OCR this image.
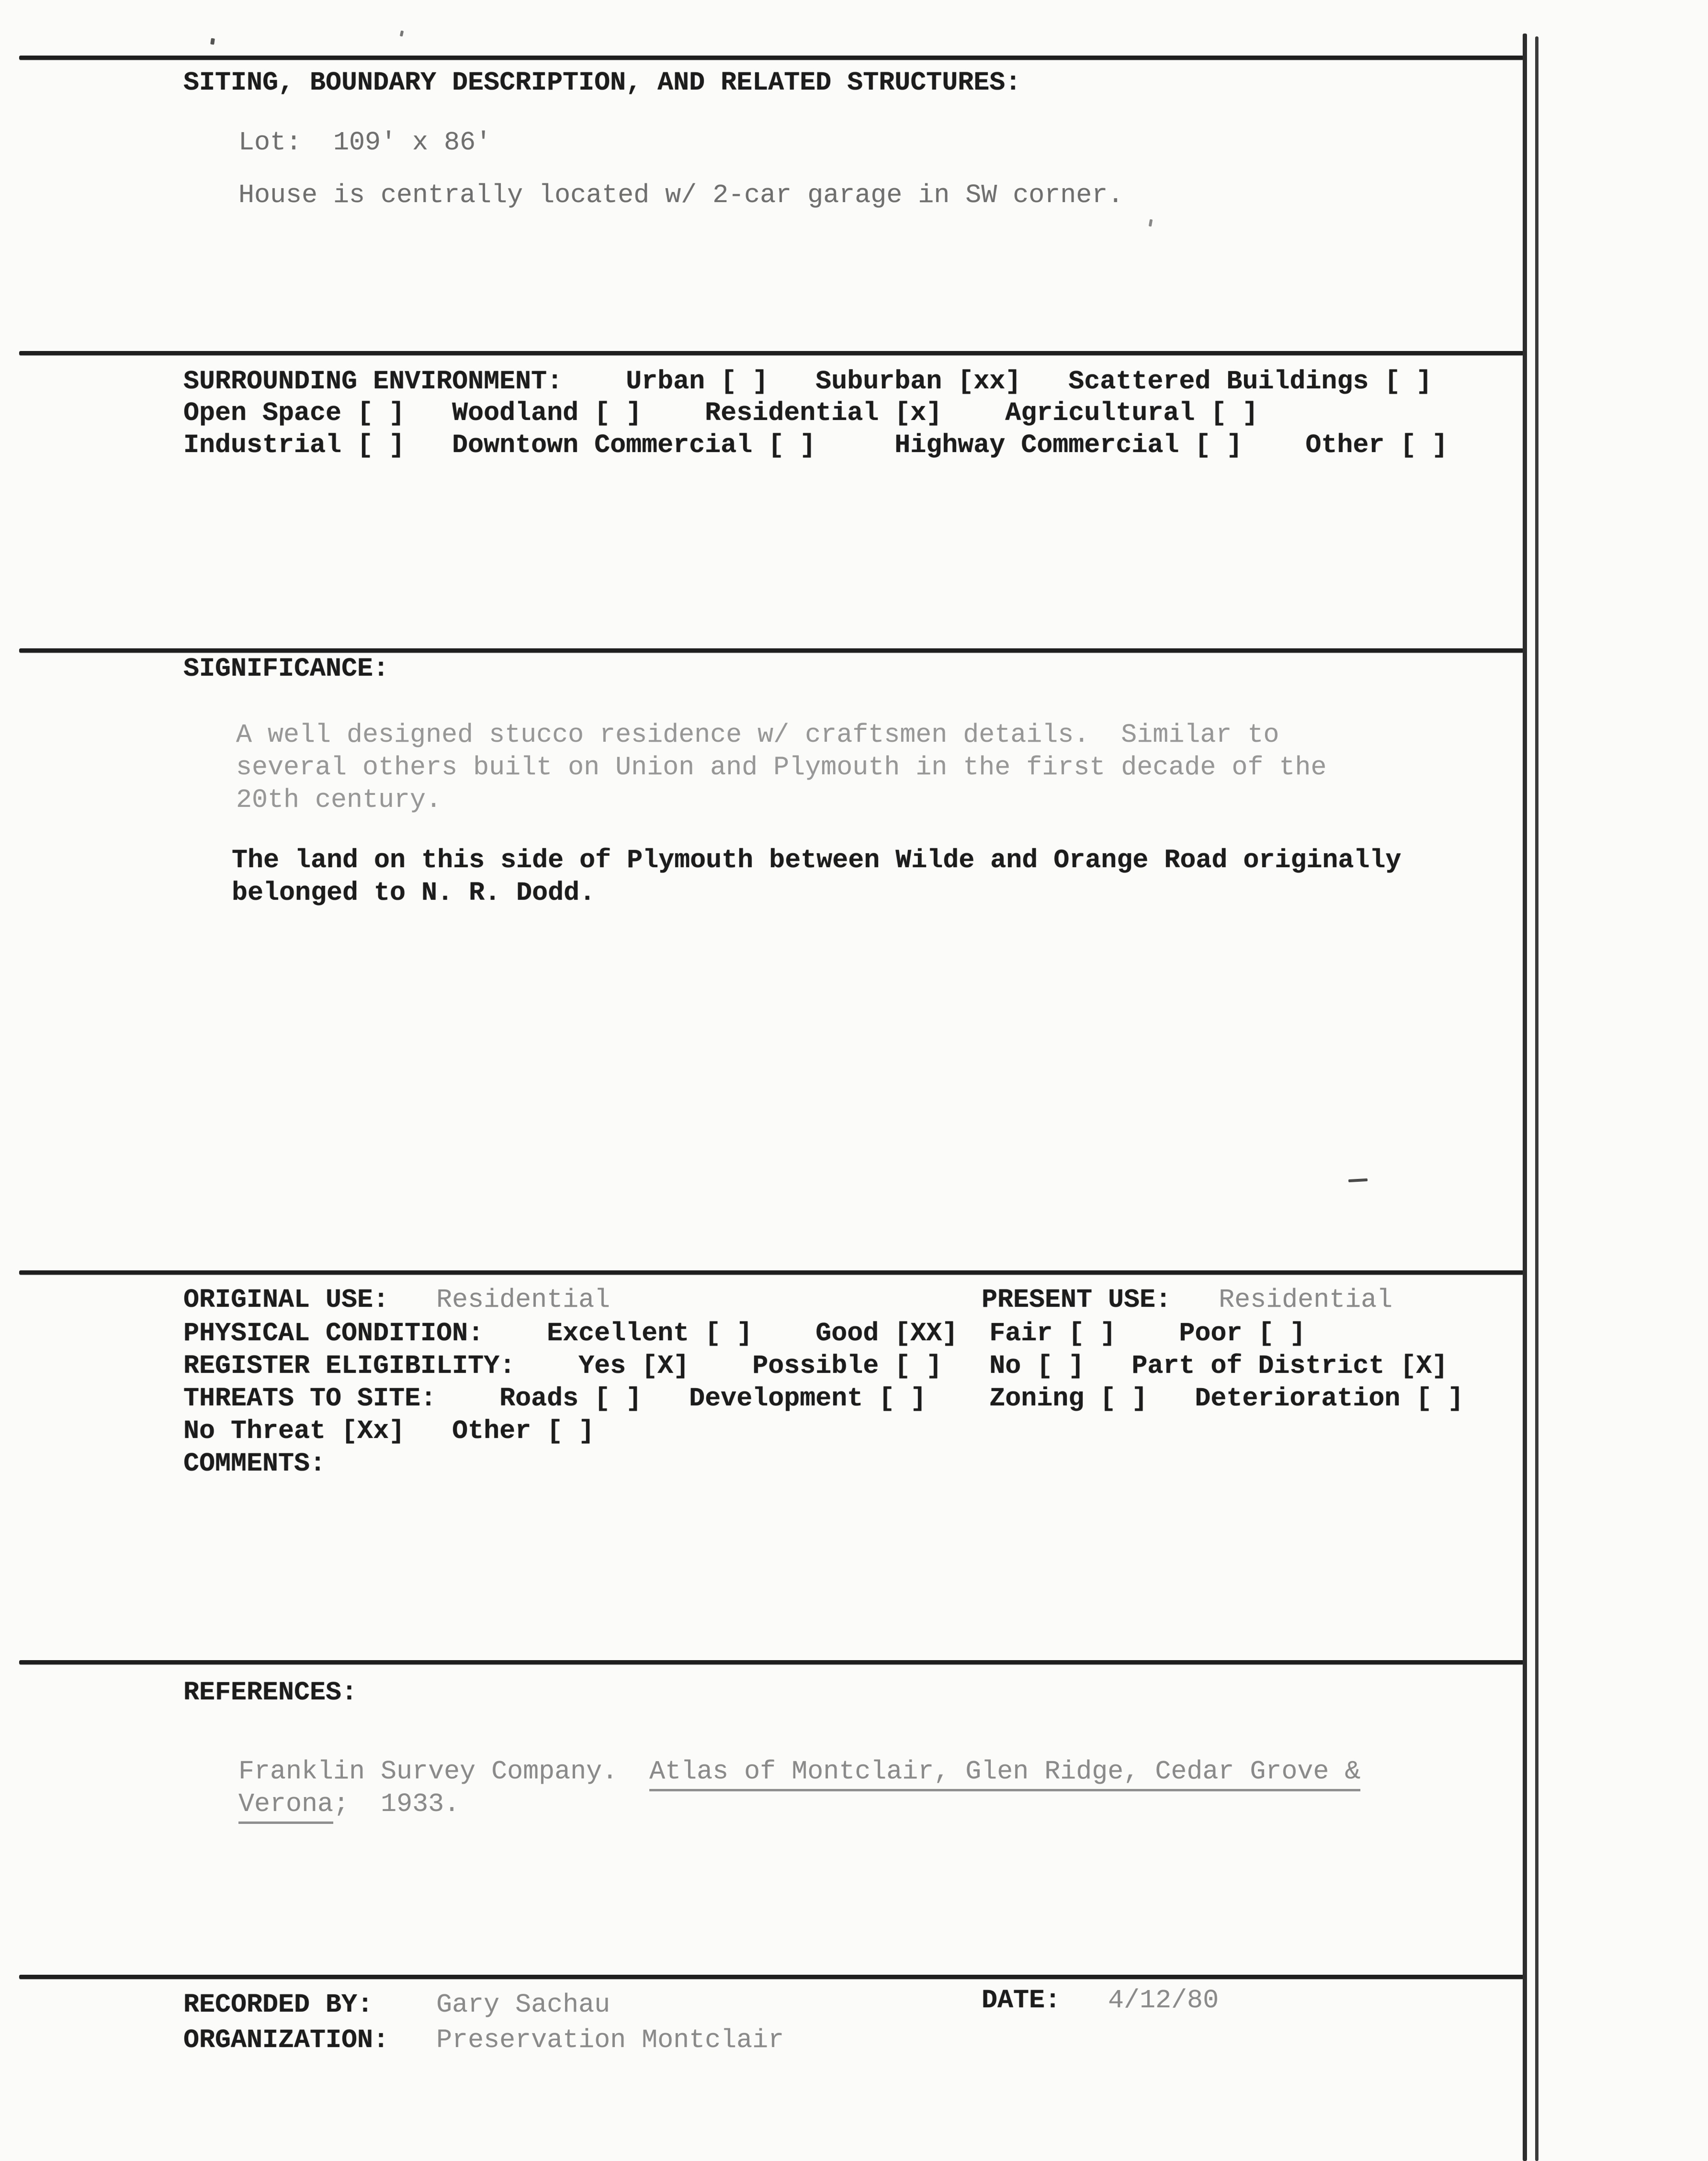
SITING, BOUNDARY DESCRIPTION, AND RELATED STRUCTURES:
Lot:  109' x 86'
House is centrally located w/ 2-car garage in SW corner.
SURROUNDING ENVIRONMENT:    Urban [ ]   Suburban [xx]   Scattered Buildings [ ]
Open Space [ ]   Woodland [ ]    Residential [x]    Agricultural [ ]
Industrial [ ]   Downtown Commercial [ ]     Highway Commercial [ ]    Other [ ]
SIGNIFICANCE:
A well designed stucco residence w/ craftsmen details.  Similar to
several others built on Union and Plymouth in the first decade of the
20th century.
The land on this side of Plymouth between Wilde and Orange Road originally
belonged to N. R. Dodd.
ORIGINAL USE: Residential	PRESENT USE: Residential
PHYSICAL CONDITION:    Excellent [ ]    Good [XX]  Fair [ ]    Poor [ ]
REGISTER ELIGIBILITY:    Yes [X]    Possible [ ]   No [ ]   Part of District [X]
THREATS TO SITE:    Roads [ ]   Development [ ]    Zoning [ ]   Deterioration [ ]
No Threat [Xx]   Other [ ]
COMMENTS:
REFERENCES:
Franklin Survey Company. Atlas of Montclair, Glen Ridge, Cedar Grove &
Verona;  1933.
RECORDED BY: Gary Sachau	DATE: 4/12/80
ORGANIZATION: Preservation Montclair
